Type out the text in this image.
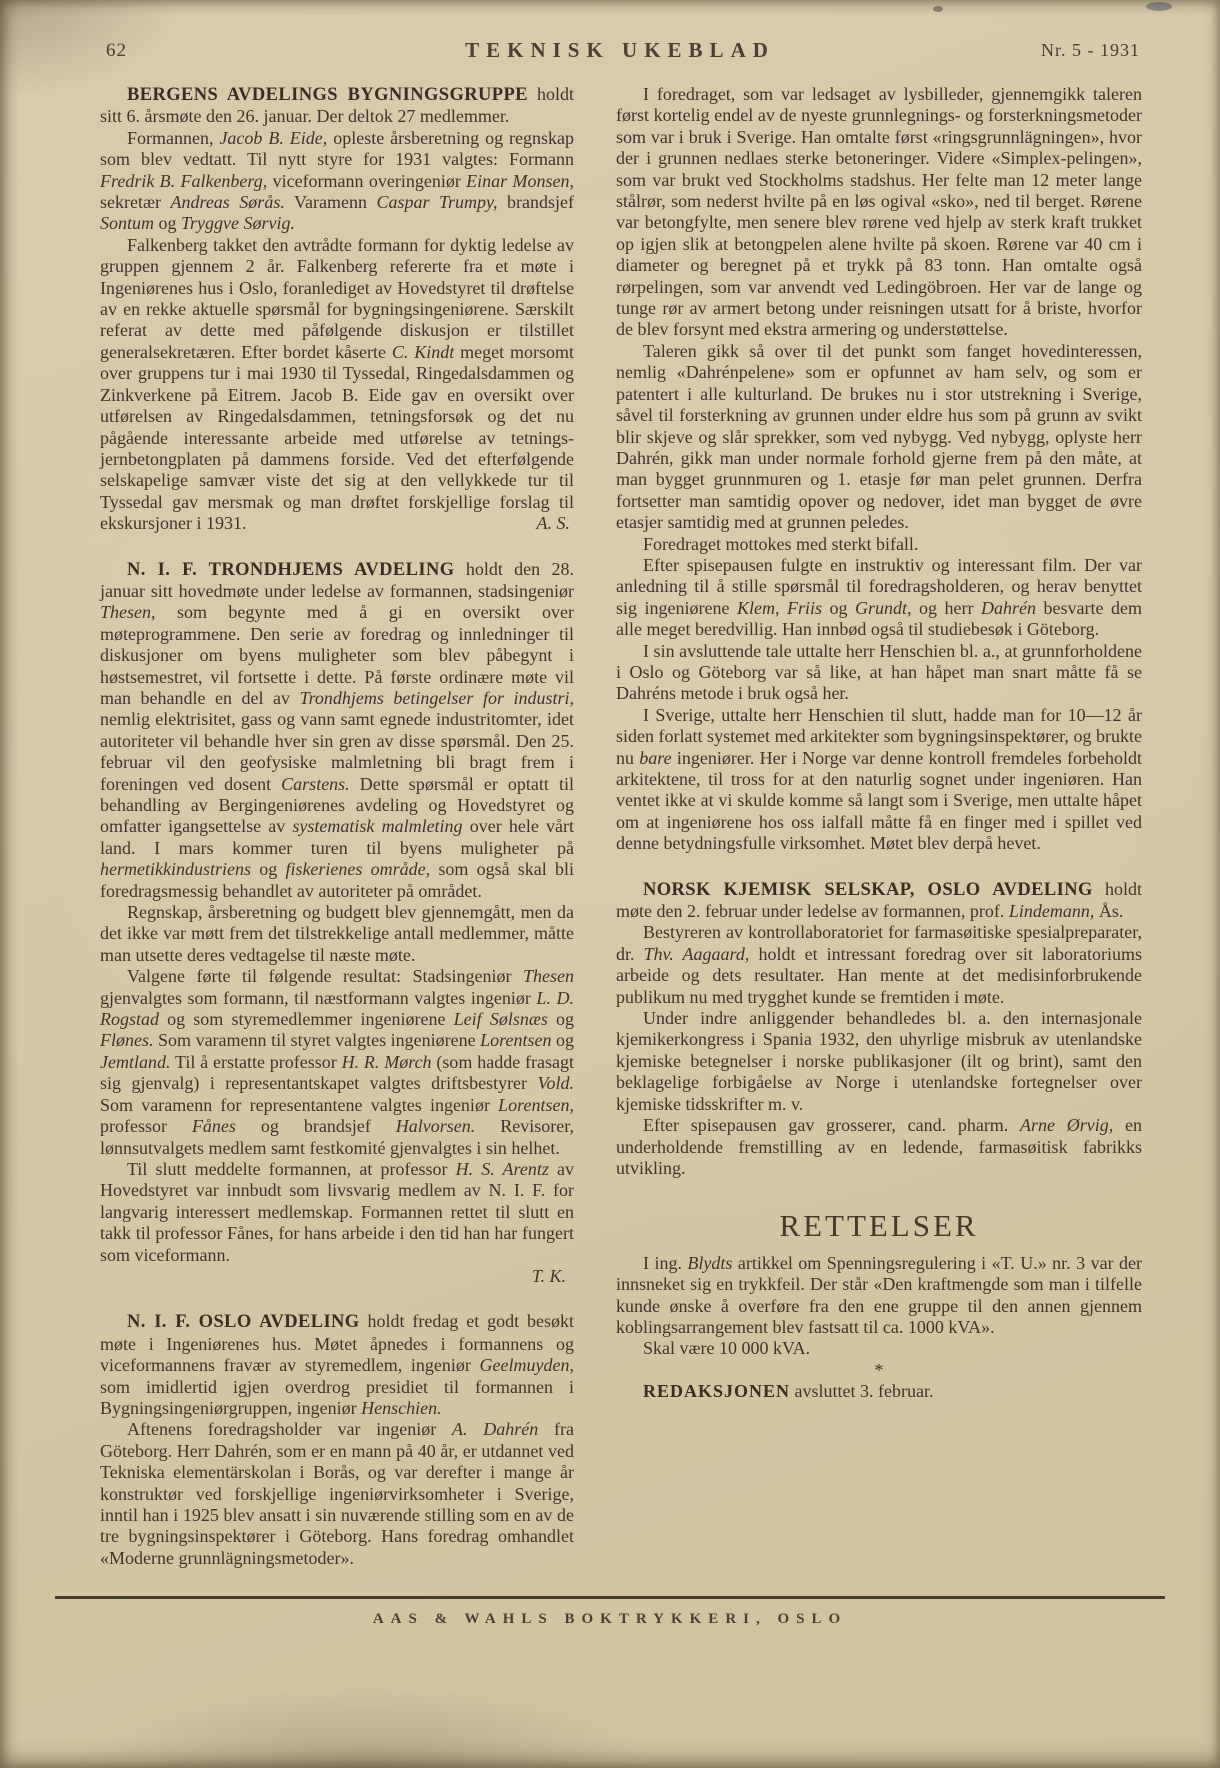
62	TEKNISK UKEBLAD	Nr. 5 - 1931

BERGENS AVDELINGS BYGNINGSGRUPPE holdt sitt 6. årsmøte den 26. januar. Der deltok 27 medlemmer.

Formannen, Jacob B. Eide, opleste årsberetning og regnskap som blev vedtatt. Til nytt styre for 1931 valgtes: Formann Fredrik B. Falkenberg, viceformann overingeniør Einar Monsen, sekretær Andreas Sørås. Varamenn Caspar Trumpy, brandsjef Sontum og Tryggve Sørvig.

Falkenberg takket den avtrådte formann for dyktig ledelse av gruppen gjennem 2 år. Falkenberg refererte fra et møte i Ingeniørenes hus i Oslo, foranlediget av Hovedstyret til drøftelse av en rekke aktuelle spørsmål for bygningsingeniørene. Særskilt referat av dette med påfølgende diskusjon er tilstillet generalsekretæren. Efter bordet kåserte C. Kindt meget morsomt over gruppens tur i mai 1930 til Tyssedal, Ringedalsdammen og Zinkverkene på Eitrem. Jacob B. Eide gav en oversikt over utførelsen av Ringedalsdammen, tetningsforsøk og det nu pågående interessante arbeide med utførelse av tetnings-jernbetongplaten på dammens forside. Ved det efterfølgende selskapelige samvær viste det sig at den vellykkede tur til Tyssedal gav mersmak og man drøftet forskjellige forslag til ekskursjoner i 1931.	A. S.

N. I. F. TRONDHJEMS AVDELING holdt den 28. januar sitt hovedmøte under ledelse av formannen, stadsingeniør Thesen, som begynte med å gi en oversikt over møteprogrammene. Den serie av foredrag og innledninger til diskusjoner om byens muligheter som blev påbegynt i høstsemestret, vil fortsette i dette. På første ordinære møte vil man behandle en del av Trondhjems betingelser for industri, nemlig elektrisitet, gass og vann samt egnede industritomter, idet autoriteter vil behandle hver sin gren av disse spørsmål. Den 25. februar vil den geofysiske malmletning bli bragt frem i foreningen ved dosent Carstens. Dette spørsmål er optatt til behandling av Bergingeniørenes avdeling og Hovedstyret og omfatter igangsettelse av systematisk malmleting over hele vårt land. I mars kommer turen til byens muligheter på hermetikkindustriens og fiskerienes område, som også skal bli foredragsmessig behandlet av autoriteter på området.

Regnskap, årsberetning og budgett blev gjennemgått, men da det ikke var møtt frem det tilstrekkelige antall medlemmer, måtte man utsette deres vedtagelse til næste møte.

Valgene førte til følgende resultat: Stadsingeniør Thesen gjenvalgtes som formann, til næstformann valgtes ingeniør L. D. Rogstad og som styremedlemmer ingeniørene Leif Sølsnæs og Flønes. Som varamenn til styret valgtes ingeniørene Lorentsen og Jemtland. Til å erstatte professor H. R. Mørch (som hadde frasagt sig gjenvalg) i representantskapet valgtes driftsbestyrer Vold. Som varamenn for representantene valgtes ingeniør Lorentsen, professor Fånes og brandsjef Halvorsen. Revisorer, lønnsutvalgets medlem samt festkomité gjenvalgtes i sin helhet.

Til slutt meddelte formannen, at professor H. S. Arentz av Hovedstyret var innbudt som livsvarig medlem av N. I. F. for langvarig interessert medlemskap. Formannen rettet til slutt en takk til professor Fånes, for hans arbeide i den tid han har fungert som viceformann.

T. K.

N. I. F. OSLO AVDELING holdt fredag et godt besøkt møte i Ingeniørenes hus. Møtet åpnedes i formannens og viceformannens fravær av styremedlem, ingeniør Geelmuyden, som imidlertid igjen overdrog presidiet til formannen i Bygningsingeniørgruppen, ingeniør Henschien.

Aftenens foredragsholder var ingeniør A. Dahrén fra Göteborg. Herr Dahrén, som er en mann på 40 år, er utdannet ved Tekniska elementärskolan i Borås, og var derefter i mange år konstruktør ved forskjellige ingeniørvirksomheter i Sverige, inntil han i 1925 blev ansatt i sin nuværende stilling som en av de tre bygningsinspektører i Göteborg. Hans foredrag omhandlet «Moderne grunnlägningsmetoder».

I foredraget, som var ledsaget av lysbilleder, gjennemgikk taleren først kortelig endel av de nyeste grunnlegnings- og forsterkningsmetoder som var i bruk i Sverige. Han omtalte først «ringsgrunnlägningen», hvor der i grunnen nedlaes sterke betoneringer. Videre «Simplex-pelingen», som var brukt ved Stockholms stadshus. Her felte man 12 meter lange stålrør, som nederst hvilte på en løs ogival «sko», ned til berget. Rørene var betongfylte, men senere blev rørene ved hjelp av sterk kraft trukket op igjen slik at betongpelen alene hvilte på skoen. Rørene var 40 cm i diameter og beregnet på et trykk på 83 tonn. Han omtalte også rørpelingen, som var anvendt ved Ledingöbroen. Her var de lange og tunge rør av armert betong under reisningen utsatt for å briste, hvorfor de blev forsynt med ekstra armering og understøttelse.

Taleren gikk så over til det punkt som fanget hovedinteressen, nemlig «Dahrénpelene» som er opfunnet av ham selv, og som er patentert i alle kulturland. De brukes nu i stor utstrekning i Sverige, såvel til forsterkning av grunnen under eldre hus som på grunn av svikt blir skjeve og slår sprekker, som ved nybygg. Ved nybygg, oplyste herr Dahrén, gikk man under normale forhold gjerne frem på den måte, at man bygget grunnmuren og 1. etasje før man pelet grunnen. Derfra fortsetter man samtidig opover og nedover, idet man bygget de øvre etasjer samtidig med at grunnen peledes.

Foredraget mottokes med sterkt bifall.

Efter spisepausen fulgte en instruktiv og interessant film. Der var anledning til å stille spørsmål til foredragsholderen, og herav benyttet sig ingeniørene Klem, Friis og Grundt, og herr Dahrén besvarte dem alle meget beredvillig. Han innbød også til studiebesøk i Göteborg.

I sin avsluttende tale uttalte herr Henschien bl. a., at grunnforholdene i Oslo og Göteborg var så like, at han håpet man snart måtte få se Dahréns metode i bruk også her.

I Sverige, uttalte herr Henschien til slutt, hadde man for 10—12 år siden forlatt systemet med arkitekter som bygningsinspektører, og brukte nu bare ingeniører. Her i Norge var denne kontroll fremdeles forbeholdt arkitektene, til tross for at den naturlig sognet under ingeniøren. Han ventet ikke at vi skulde komme så langt som i Sverige, men uttalte håpet om at ingeniørene hos oss ialfall måtte få en finger med i spillet ved denne betydningsfulle virksomhet. Møtet blev derpå hevet.

NORSK KJEMISK SELSKAP, OSLO AVDELING holdt møte den 2. februar under ledelse av formannen, prof. Lindemann, Ås.

Bestyreren av kontrollaboratoriet for farmasøitiske spesialpreparater, dr. Thv. Aagaard, holdt et intressant foredrag over sit laboratoriums arbeide og dets resultater. Han mente at det medisinforbrukende publikum nu med trygghet kunde se fremtiden i møte.

Under indre anliggender behandledes bl. a. den internasjonale kjemikerkongress i Spania 1932, den uhyrlige misbruk av utenlandske kjemiske betegnelser i norske publikasjoner (ilt og brint), samt den beklagelige forbigåelse av Norge i utenlandske fortegnelser over kjemiske tidsskrifter m. v.

Efter spisepausen gav grosserer, cand. pharm. Arne Ørvig, en underholdende fremstilling av en ledende, farmasøitisk fabrikks utvikling.

RETTELSER

I ing. Blydts artikkel om Spenningsregulering i «T. U.» nr. 3 var der innsneket sig en trykkfeil. Der står «Den kraftmengde som man i tilfelle kunde ønske å overføre fra den ene gruppe til den annen gjennem koblingsarrangement blev fastsatt til ca. 1000 kVA».

Skal være 10 000 kVA.

*

REDAKSJONEN avsluttet 3. februar.

AAS & WAHLS BOKTRYKKERI, OSLO
